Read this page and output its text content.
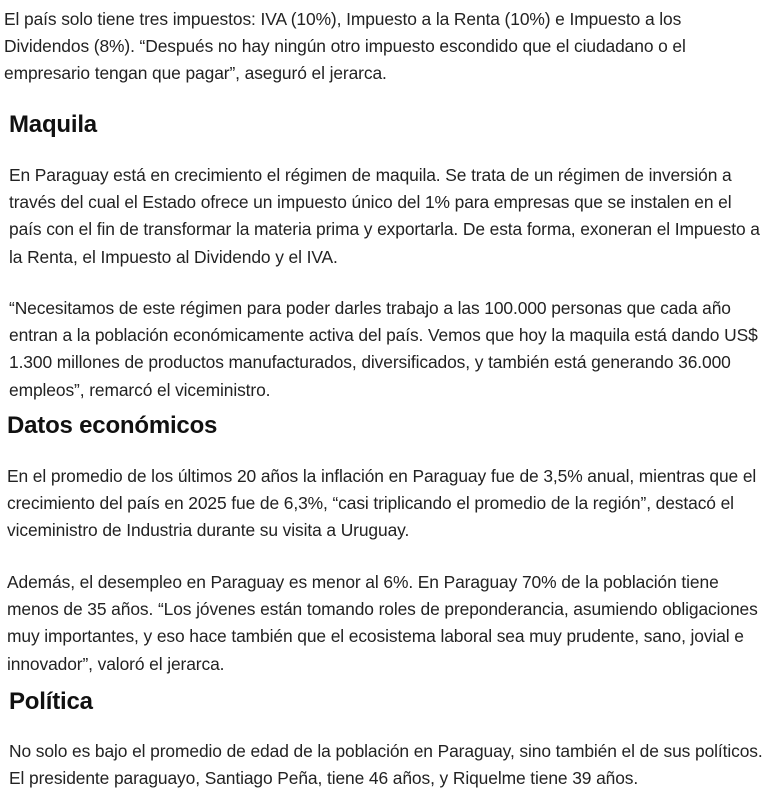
El país solo tiene tres impuestos: IVA (10%), Impuesto a la Renta (10%) e Impuesto a los Dividendos (8%). “Después no hay ningún otro impuesto escondido que el ciudadano o el empresario tengan que pagar”, aseguró el jerarca.

Maquila

En Paraguay está en crecimiento el régimen de maquila. Se trata de un régimen de inversión a través del cual el Estado ofrece un impuesto único del 1% para empresas que se instalen en el país con el fin de transformar la materia prima y exportarla. De esta forma, exoneran el Impuesto a la Renta, el Impuesto al Dividendo y el IVA.

“Necesitamos de este régimen para poder darles trabajo a las 100.000 personas que cada año entran a la población económicamente activa del país. Vemos que hoy la maquila está dando US$ 1.300 millones de productos manufacturados, diversificados, y también está generando 36.000 empleos”, remarcó el viceministro.

Datos económicos

En el promedio de los últimos 20 años la inflación en Paraguay fue de 3,5% anual, mientras que el crecimiento del país en 2025 fue de 6,3%, “casi triplicando el promedio de la región”, destacó el viceministro de Industria durante su visita a Uruguay.

Además, el desempleo en Paraguay es menor al 6%. En Paraguay 70% de la población tiene menos de 35 años. “Los jóvenes están tomando roles de preponderancia, asumiendo obligaciones muy importantes, y eso hace también que el ecosistema laboral sea muy prudente, sano, jovial e innovador”, valoró el jerarca.

Política

No solo es bajo el promedio de edad de la población en Paraguay, sino también el de sus políticos. El presidente paraguayo, Santiago Peña, tiene 46 años, y Riquelme tiene 39 años.
